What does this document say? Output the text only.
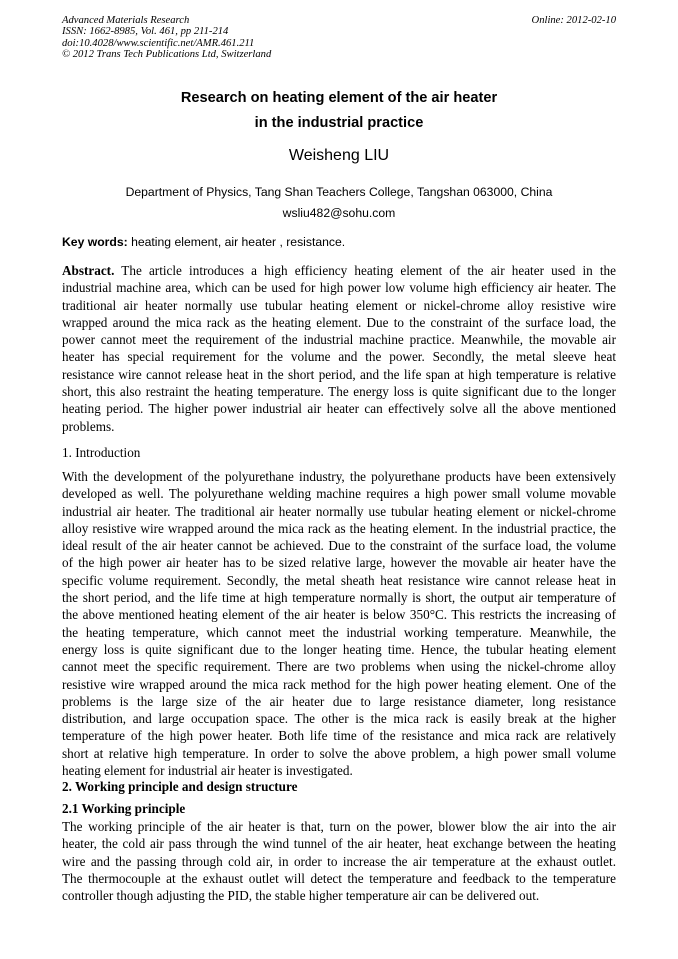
Advanced Materials Research
ISSN: 1662-8985, Vol. 461, pp 211-214
doi:10.4028/www.scientific.net/AMR.461.211
© 2012 Trans Tech Publications Ltd, Switzerland
Online: 2012-02-10
Research on heating element of the air heater
in the industrial practice
Weisheng LIU
Department of Physics, Tang Shan Teachers College, Tangshan 063000, China
wsliu482@sohu.com
Key words: heating element, air heater , resistance.
Abstract. The article introduces a high efficiency heating element of the air heater used in the
industrial machine area, which can be used for high power low volume high efficiency air heater. The
traditional air heater normally use tubular heating element or nickel-chrome alloy resistive wire
wrapped around the mica rack as the heating element. Due to the constraint of the surface load, the
power cannot meet the requirement of the industrial machine practice. Meanwhile, the movable air
heater has special requirement for the volume and the power. Secondly, the metal sleeve heat
resistance wire cannot release heat in the short period, and the life span at high temperature is relative
short, this also restraint the heating temperature. The energy loss is quite significant due to the longer
heating period. The higher power industrial air heater can effectively solve all the above mentioned
problems.
1. Introduction
With the development of the polyurethane industry, the polyurethane products have been extensively
developed as well. The polyurethane welding machine requires a high power small volume movable
industrial air heater. The traditional air heater normally use tubular heating element or nickel-chrome
alloy resistive wire wrapped around the mica rack as the heating element. In the industrial practice, the
ideal result of the air heater cannot be achieved. Due to the constraint of the surface load, the volume
of the high power air heater has to be sized relative large, however the movable air heater have the
specific volume requirement. Secondly, the metal sheath heat resistance wire cannot release heat in
the short period, and the life time at high temperature normally is short, the output air temperature of
the above mentioned heating element of the air heater is below 350°C. This restricts the increasing of
the heating temperature, which cannot meet the industrial working temperature. Meanwhile, the
energy loss is quite significant due to the longer heating time. Hence, the tubular heating element
cannot meet the specific requirement. There are two problems when using the nickel-chrome alloy
resistive wire wrapped around the mica rack method for the high power heating element. One of the
problems is the large size of the air heater due to large resistance diameter, long resistance
distribution, and large occupation space. The other is the mica rack is easily break at the higher
temperature of the high power heater. Both life time of the resistance and mica rack are relatively
short at relative high temperature. In order to solve the above problem, a high power small volume
heating element for industrial air heater is investigated.
2. Working principle and design structure
2.1 Working principle
The working principle of the air heater is that, turn on the power, blower blow the air into the air
heater, the cold air pass through the wind tunnel of the air heater, heat exchange between the heating
wire and the passing through cold air, in order to increase the air temperature at the exhaust outlet.
The thermocouple at the exhaust outlet will detect the temperature and feedback to the temperature
controller though adjusting the PID, the stable higher temperature air can be delivered out.
